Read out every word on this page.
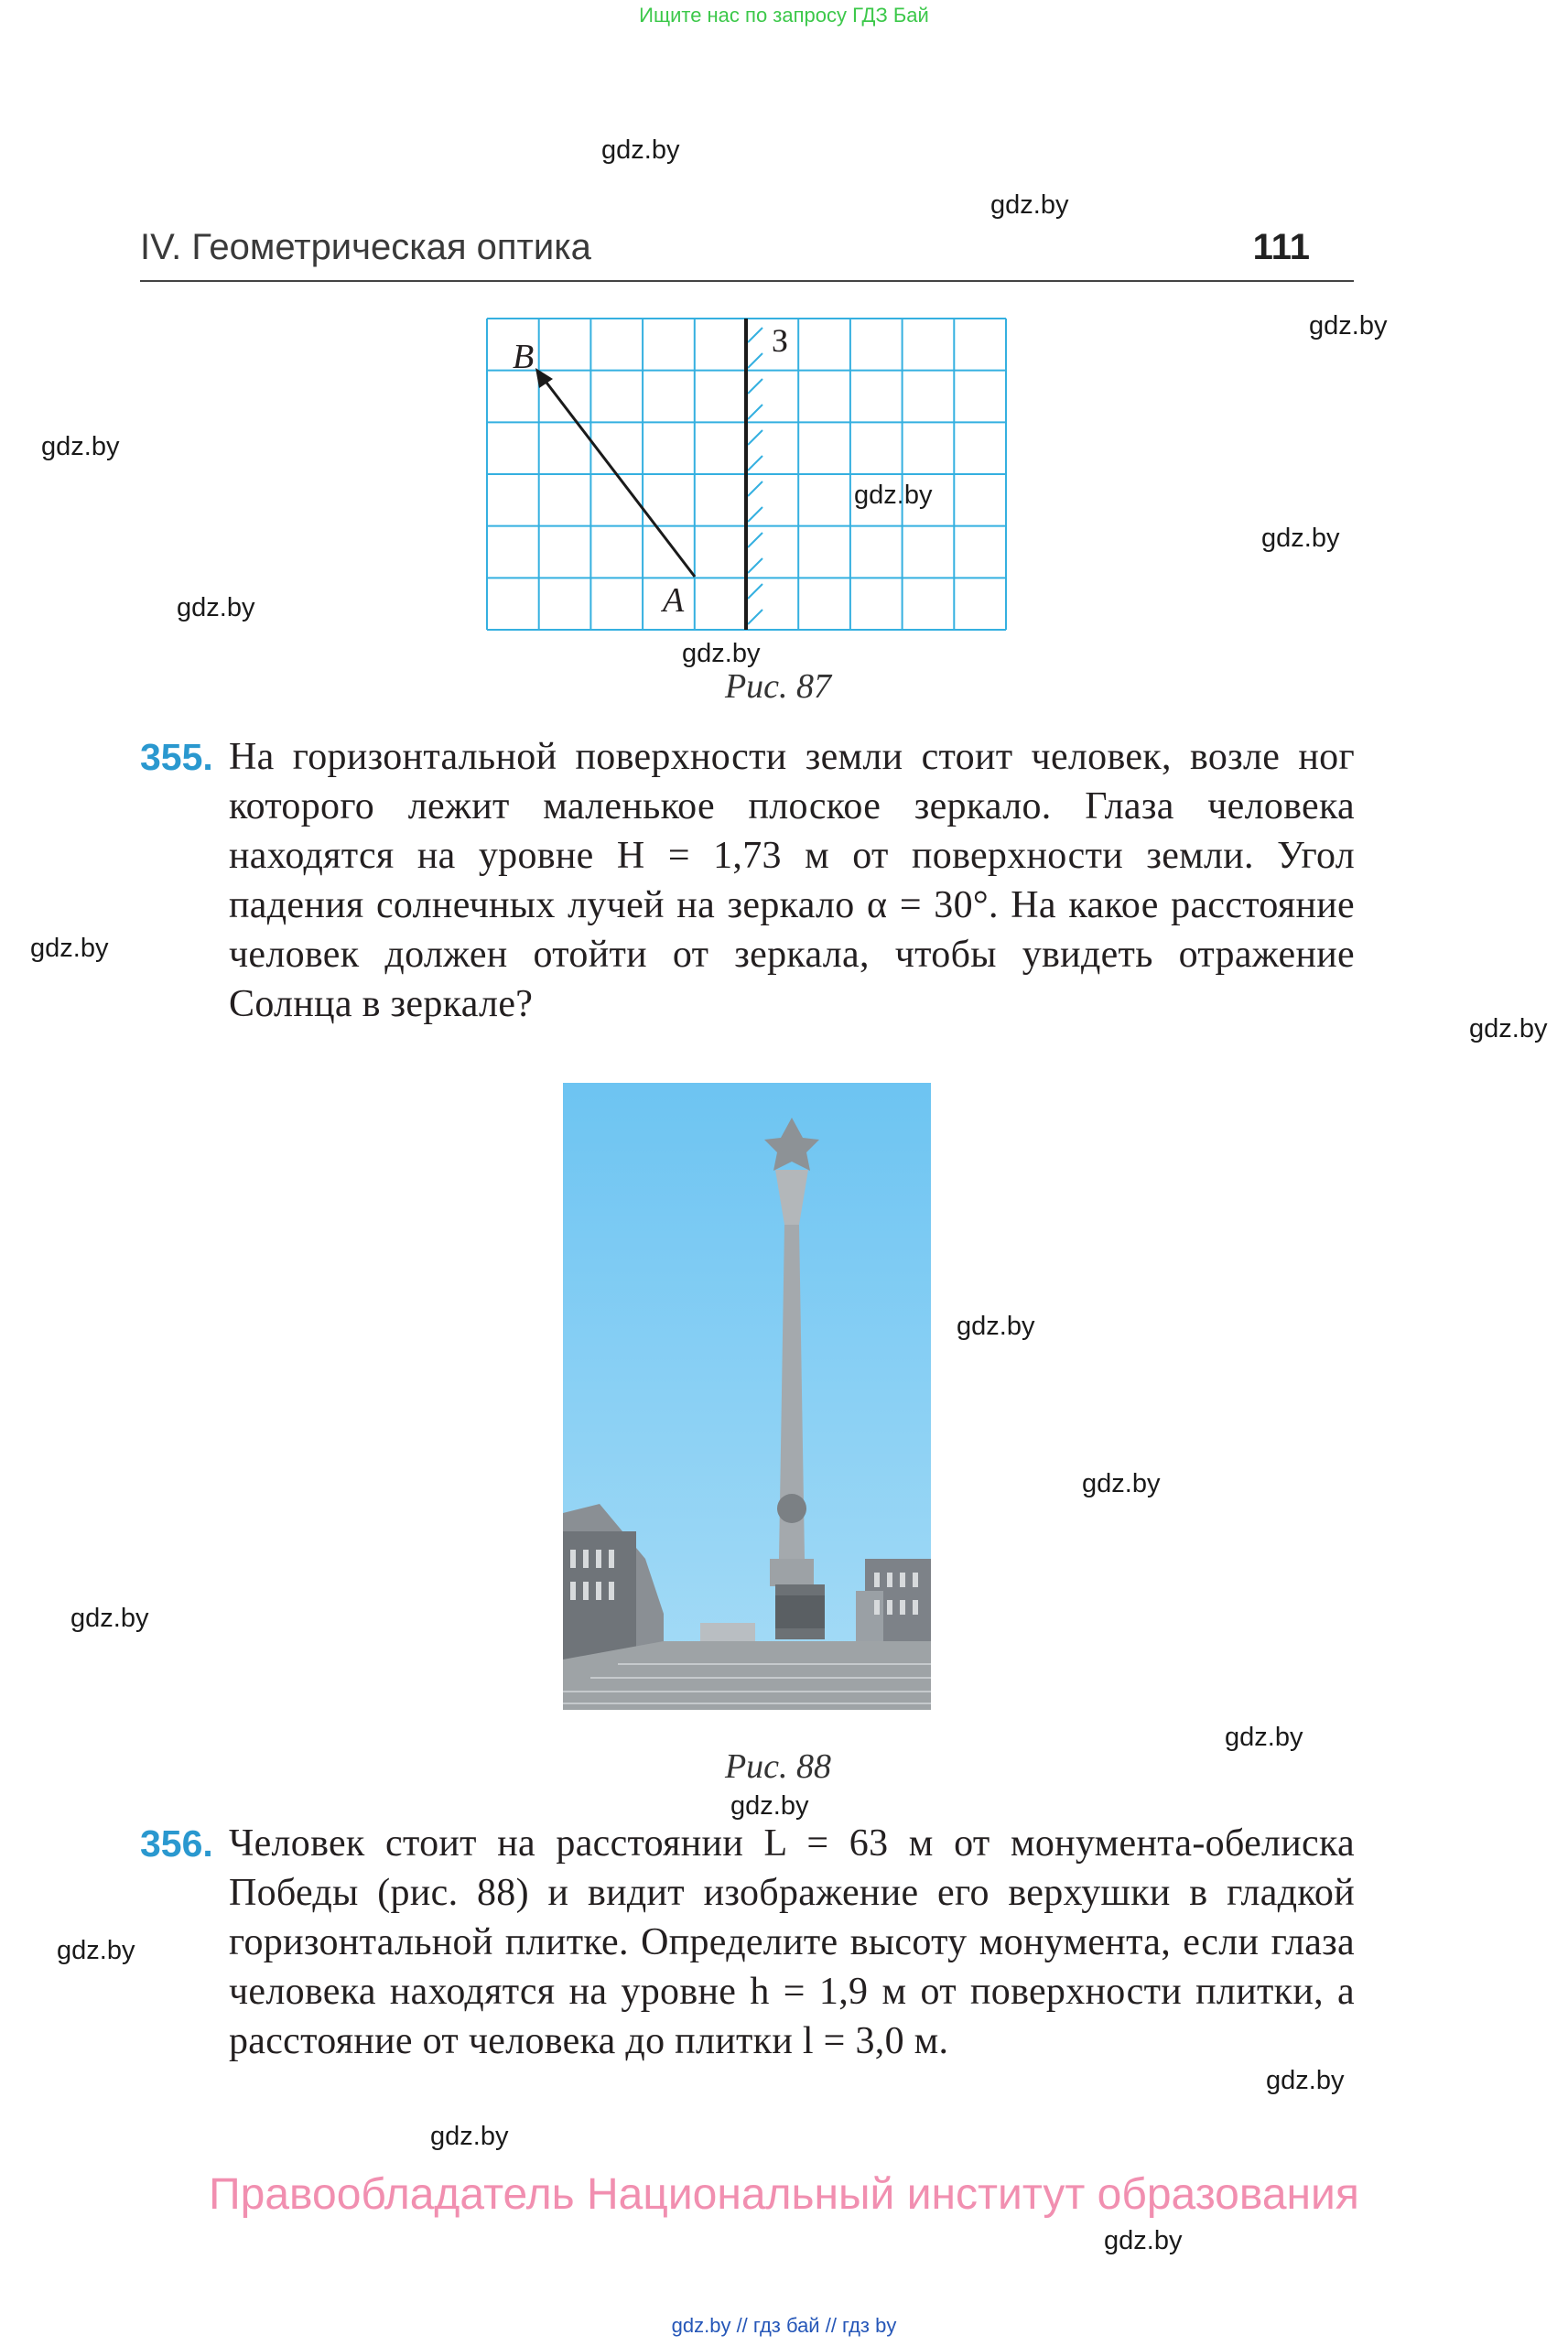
Ищите нас по запросу ГДЗ Бай
gdz.by
gdz.by
gdz.by
gdz.by
gdz.by
gdz.by
gdz.by
gdz.by
gdz.by
gdz.by
gdz.by
gdz.by
gdz.by
gdz.by
gdz.by
gdz.by
gdz.by
gdz.by
gdz.by
IV. Геометрическая оптика	111
B
A
З
Рис. 87
355. На горизонтальной поверхности земли стоит человек, возле ног которого лежит маленькое плоское зеркало. Глаза человека находятся на уровне H = 1,73 м от поверхности земли. Угол падения солнечных лучей на зеркало α = 30°. На какое расстояние человек должен отойти от зеркала, чтобы увидеть отражение Солнца в зеркале?
Рис. 88
356. Человек стоит на расстоянии L = 63 м от монумента-обелиска Победы (рис. 88) и видит изображение его верхушки в гладкой горизонтальной плитке. Определите высоту монумента, если глаза человека находятся на уровне h = 1,9 м от поверхности плитки, а расстояние от человека до плитки l = 3,0 м.
Правообладатель Национальный институт образования
gdz.by // гдз бай // гдз by
